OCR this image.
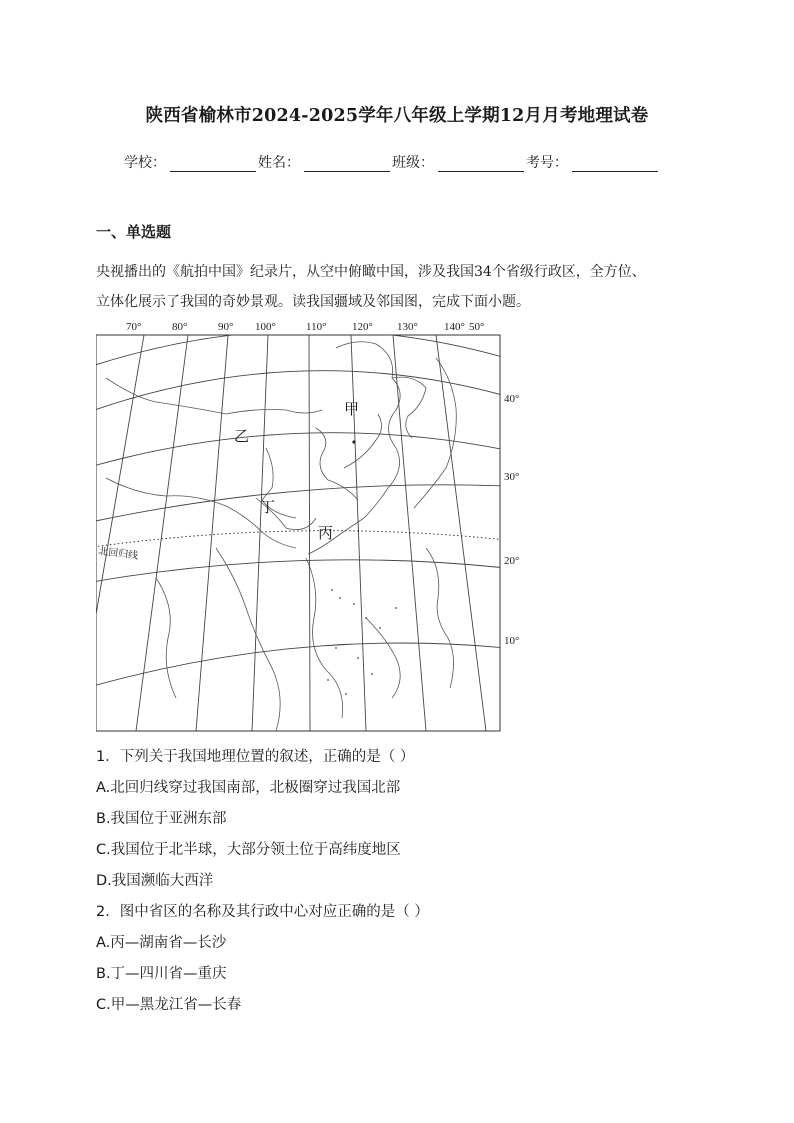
陕西省榆林市2024-2025学年八年级上学期12月月考地理试卷
学校：	姓名：	班级：	考号：
一、单选题
央视播出的《航拍中国》纪录片，从空中俯瞰中国，涉及我国34个省级行政区，全方位、
立体化展示了我国的奇妙景观。读我国疆域及邻国图，完成下面小题。
70°	80°	90° 100°	110° 120° 130° 140° 50°
40°
30°
20°
10°
甲
乙
丁
丙
北回归线
1．下列关于我国地理位置的叙述，正确的是（ ）
A.北回归线穿过我国南部，北极圈穿过我国北部
B.我国位于亚洲东部
C.我国位于北半球，大部分领土位于高纬度地区
D.我国濒临大西洋
2．图中省区的名称及其行政中心对应正确的是（ ）
A.丙—湖南省—长沙
B.丁—四川省—重庆
C.甲—黑龙江省—长春
